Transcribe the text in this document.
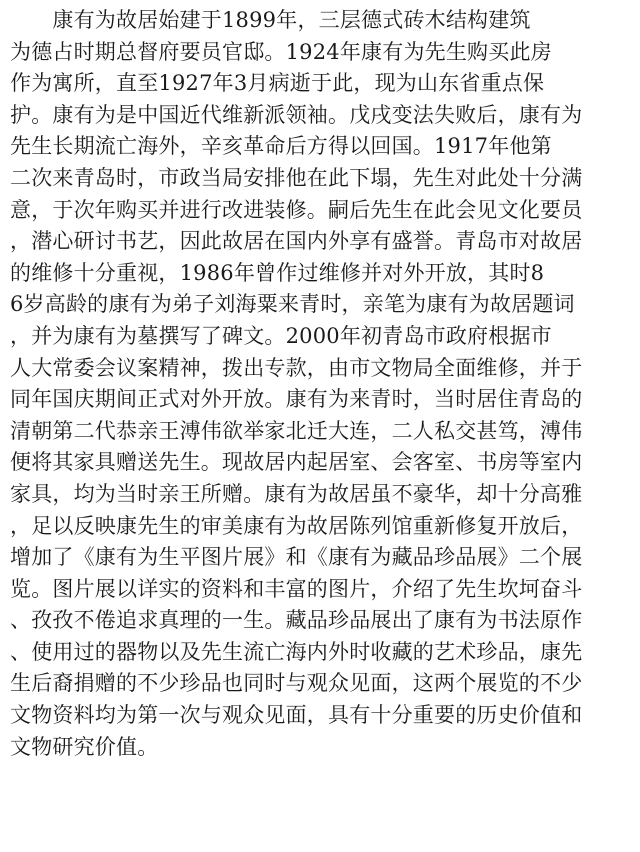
　　康有为故居始建于1899年，三层德式砖木结构建筑
为德占时期总督府要员官邸。1924年康有为先生购买此房
作为寓所，直至1927年3月病逝于此，现为山东省重点保
护。康有为是中国近代维新派领袖。戊戌变法失败后，康有为
先生长期流亡海外，辛亥革命后方得以回国。1917年他第
二次来青岛时，市政当局安排他在此下塌，先生对此处十分满
意，于次年购买并进行改进装修。嗣后先生在此会见文化要员
，潜心研讨书艺，因此故居在国内外享有盛誉。青岛市对故居
的维修十分重视，1986年曾作过维修并对外开放，其时8
6岁高龄的康有为弟子刘海粟来青时，亲笔为康有为故居题词
，并为康有为墓撰写了碑文。2000年初青岛市政府根据市
人大常委会议案精神，拨出专款，由市文物局全面维修，并于
同年国庆期间正式对外开放。康有为来青时，当时居住青岛的
清朝第二代恭亲王溥伟欲举家北迁大连，二人私交甚笃，溥伟
便将其家具赠送先生。现故居内起居室、会客室、书房等室内
家具，均为当时亲王所赠。康有为故居虽不豪华，却十分高雅
，足以反映康先生的审美康有为故居陈列馆重新修复开放后，
增加了《康有为生平图片展》和《康有为藏品珍品展》二个展
览。图片展以详实的资料和丰富的图片，介绍了先生坎坷奋斗
、孜孜不倦追求真理的一生。藏品珍品展出了康有为书法原作
、使用过的器物以及先生流亡海内外时收藏的艺术珍品，康先
生后裔捐赠的不少珍品也同时与观众见面，这两个展览的不少
文物资料均为第一次与观众见面，具有十分重要的历史价值和
文物研究价值。
